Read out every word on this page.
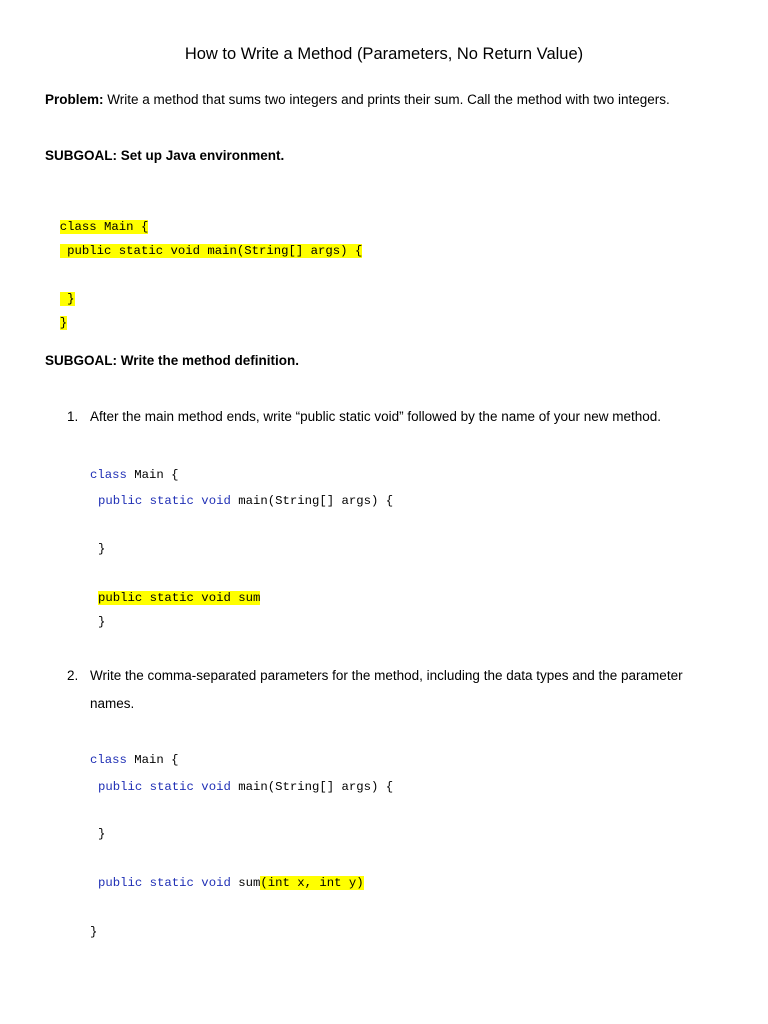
How to Write a Method (Parameters, No Return Value)
Problem: Write a method that sums two integers and prints their sum. Call the method with two integers.
SUBGOAL: Set up Java environment.

class Main {

public static void main(String[] args) {

}

}

SUBGOAL: Write the method definition.
1. After the main method ends, write “public static void” followed by the name of your new method.
class Main {
public static void main(String[] args) {
}
public static void sum
}
2. Write the comma-separated parameters for the method, including the data types and the parameter
names.
class Main {
public static void main(String[] args) {
}
public static void sum(int x, int y)
}
